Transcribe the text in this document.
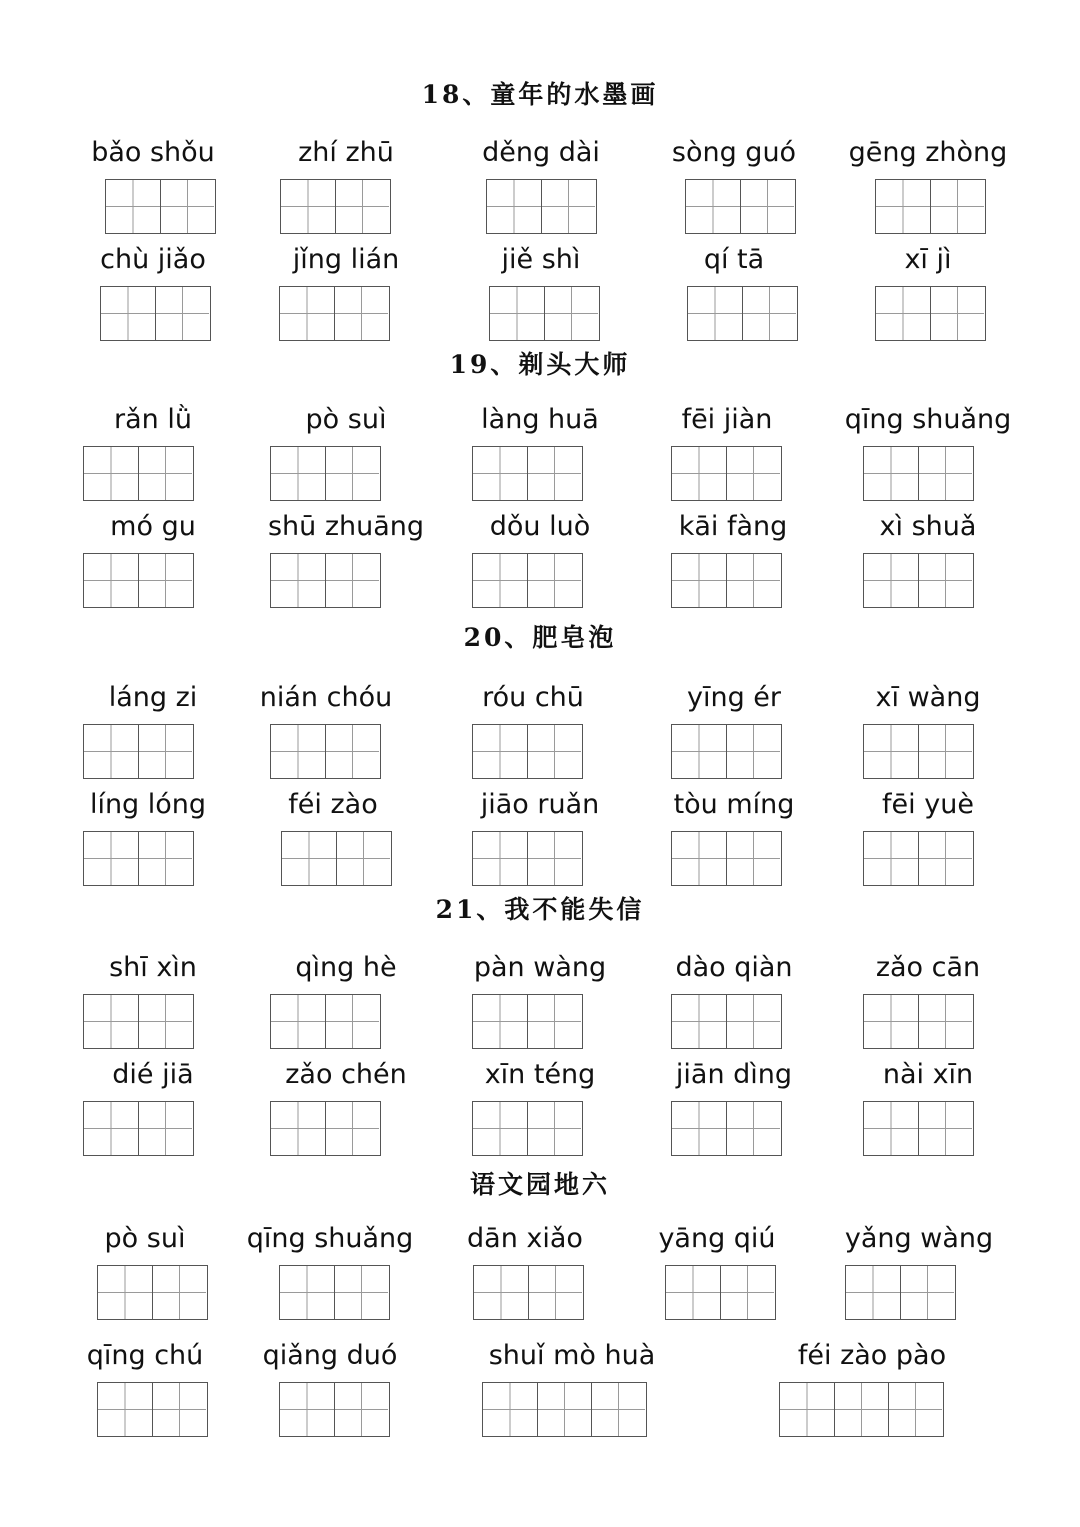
18、童年的水墨画
bǎo shǒu	zhí zhū	děng dài	sòng guó	gēng zhòng
chù jiǎo	jǐng lián	jiě shì	qí tā	xī jì
19、剃头大师
rǎn lǜ	pò suì	làng huā	fēi jiàn	qīng shuǎng
mó gu	shū zhuāng	dǒu luò	kāi fàng	xì shuǎ
20、肥皂泡
láng zi	nián chóu	róu chū	yīng ér	xī wàng
líng lóng	féi zào	jiāo ruǎn	tòu míng	fēi yuè
21、我不能失信
shī xìn	qìng hè	pàn wàng	dào qiàn	zǎo cān
dié jiā	zǎo chén	xīn téng	jiān dìng	nài xīn
语文园地六
pò suì	qīng shuǎng	dān xiǎo	yāng qiú	yǎng wàng
qīng chú	qiǎng duó	shuǐ mò huà	féi zào pào
